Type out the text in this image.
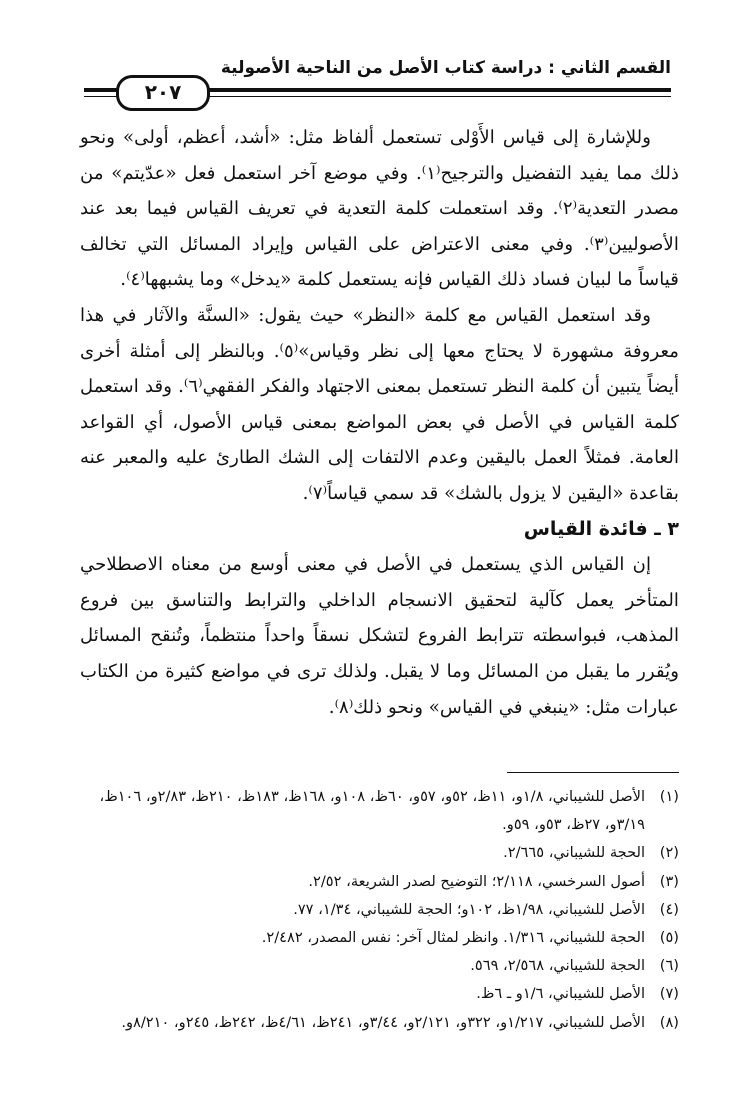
القسم الثاني : دراسة كتاب الأصل من الناحية الأصولية
٢٠٧

وللإشارة إلى قياس الأَوْلى تستعمل ألفاظ مثل: «أشد، أعظم، أولى» ونحو ذلك مما يفيد التفضيل والترجيح⁽١⁾. وفي موضع آخر استعمل فعل «عدّيتم» من مصدر التعدية⁽٢⁾. وقد استعملت كلمة التعدية في تعريف القياس فيما بعد عند الأصوليين⁽٣⁾. وفي معنى الاعتراض على القياس وإيراد المسائل التي تخالف قياساً ما لبيان فساد ذلك القياس فإنه يستعمل كلمة «يدخل» وما يشبهها⁽٤⁾.

وقد استعمل القياس مع كلمة «النظر» حيث يقول: «السنَّة والآثار في هذا معروفة مشهورة لا يحتاج معها إلى نظر وقياس»⁽٥⁾. وبالنظر إلى أمثلة أخرى أيضاً يتبين أن كلمة النظر تستعمل بمعنى الاجتهاد والفكر الفقهي⁽٦⁾. وقد استعمل كلمة القياس في الأصل في بعض المواضع بمعنى قياس الأصول، أي القواعد العامة. فمثلاً العمل باليقين وعدم الالتفات إلى الشك الطارئ عليه والمعبر عنه بقاعدة «اليقين لا يزول بالشك» قد سمي قياساً⁽٧⁾.

٣ ـ فائدة القياس

إن القياس الذي يستعمل في الأصل في معنى أوسع من معناه الاصطلاحي المتأخر يعمل كآلية لتحقيق الانسجام الداخلي والترابط والتناسق بين فروع المذهب، فبواسطته تترابط الفروع لتشكل نسقاً واحداً منتظماً، وتُنقح المسائل ويُقرر ما يقبل من المسائل وما لا يقبل. ولذلك ترى في مواضع كثيرة من الكتاب عبارات مثل: «ينبغي في القياس» ونحو ذلك⁽٨⁾.

(١)
الأصل للشيباني، ١/٨و، ١١ظ، ٥٢و، ٥٧و، ٦٠ظ، ١٠٨و، ١٦٨ظ، ١٨٣ظ، ٢١٠ظ، ٢/٨٣و، ١٠٦ظ، ٣/١٩و، ٢٧ظ، ٥٣و، ٥٩و.
(٢)
الحجة للشيباني، ٢/٦٦٥.
(٣)
أصول السرخسي، ٢/١١٨؛ التوضيح لصدر الشريعة، ٢/٥٢.
(٤)
الأصل للشيباني، ١/٩٨ظ، ١٠٢و؛ الحجة للشيباني، ١/٣٤، ٧٧.
(٥)
الحجة للشيباني، ١/٣١٦. وانظر لمثال آخر: نفس المصدر، ٢/٤٨٢.
(٦)
الحجة للشيباني، ٢/٥٦٨، ٥٦٩.
(٧)
الأصل للشيباني، ١/٦و ـ ٦ظ.
(٨)
الأصل للشيباني، ١/٢١٧و، ٣٢٢و، ٢/١٢١و، ٣/٤٤و، ٢٤١ظ، ٤/٦١ظ، ٢٤٢ظ، ٢٤٥و، ٨/٢١٠و.
